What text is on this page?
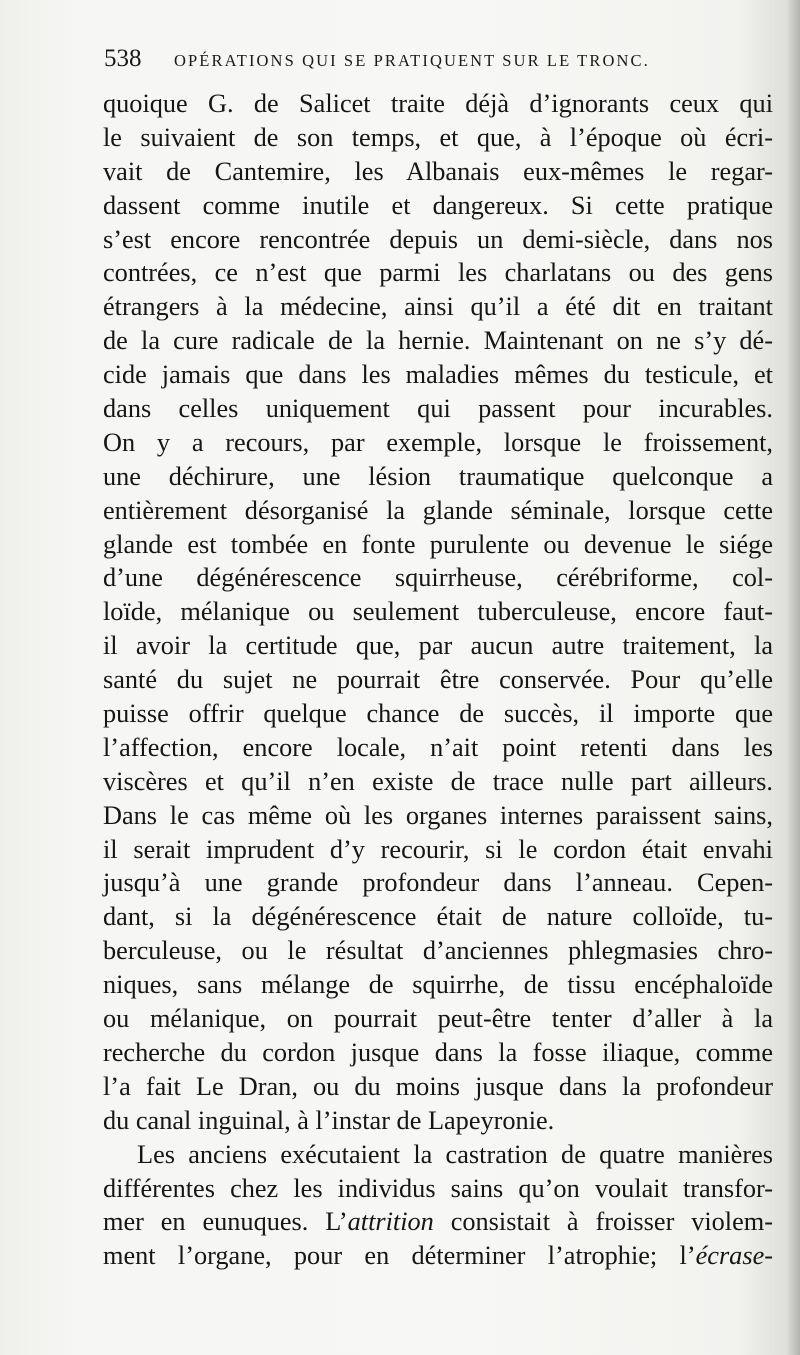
538 OPÉRATIONS QUI SE PRATIQUENT SUR LE TRONC.
quoique G. de Salicet traite déjà d’ignorants ceux qui
le suivaient de son temps, et que, à l’époque où écri-
vait de Cantemire, les Albanais eux-mêmes le regar-
dassent comme inutile et dangereux. Si cette pratique
s’est encore rencontrée depuis un demi-siècle, dans nos
contrées, ce n’est que parmi les charlatans ou des gens
étrangers à la médecine, ainsi qu’il a été dit en traitant
de la cure radicale de la hernie. Maintenant on ne s’y dé-
cide jamais que dans les maladies mêmes du testicule, et
dans celles uniquement qui passent pour incurables.
On y a recours, par exemple, lorsque le froissement,
une déchirure, une lésion traumatique quelconque a
entièrement désorganisé la glande séminale, lorsque cette
glande est tombée en fonte purulente ou devenue le siége
d’une dégénérescence squirrheuse, cérébriforme, col-
loïde, mélanique ou seulement tuberculeuse, encore faut-
il avoir la certitude que, par aucun autre traitement, la
santé du sujet ne pourrait être conservée. Pour qu’elle
puisse offrir quelque chance de succès, il importe que
l’affection, encore locale, n’ait point retenti dans les
viscères et qu’il n’en existe de trace nulle part ailleurs.
Dans le cas même où les organes internes paraissent sains,
il serait imprudent d’y recourir, si le cordon était envahi
jusqu’à une grande profondeur dans l’anneau. Cepen-
dant, si la dégénérescence était de nature colloïde, tu-
berculeuse, ou le résultat d’anciennes phlegmasies chro-
niques, sans mélange de squirrhe, de tissu encéphaloïde
ou mélanique, on pourrait peut-être tenter d’aller à la
recherche du cordon jusque dans la fosse iliaque, comme
l’a fait Le Dran, ou du moins jusque dans la profondeur
du canal inguinal, à l’instar de Lapeyronie.
Les anciens exécutaient la castration de quatre manières
différentes chez les individus sains qu’on voulait transfor-
mer en eunuques. L’attrition consistait à froisser violem-
ment l’organe, pour en déterminer l’atrophie; l’écrase-
